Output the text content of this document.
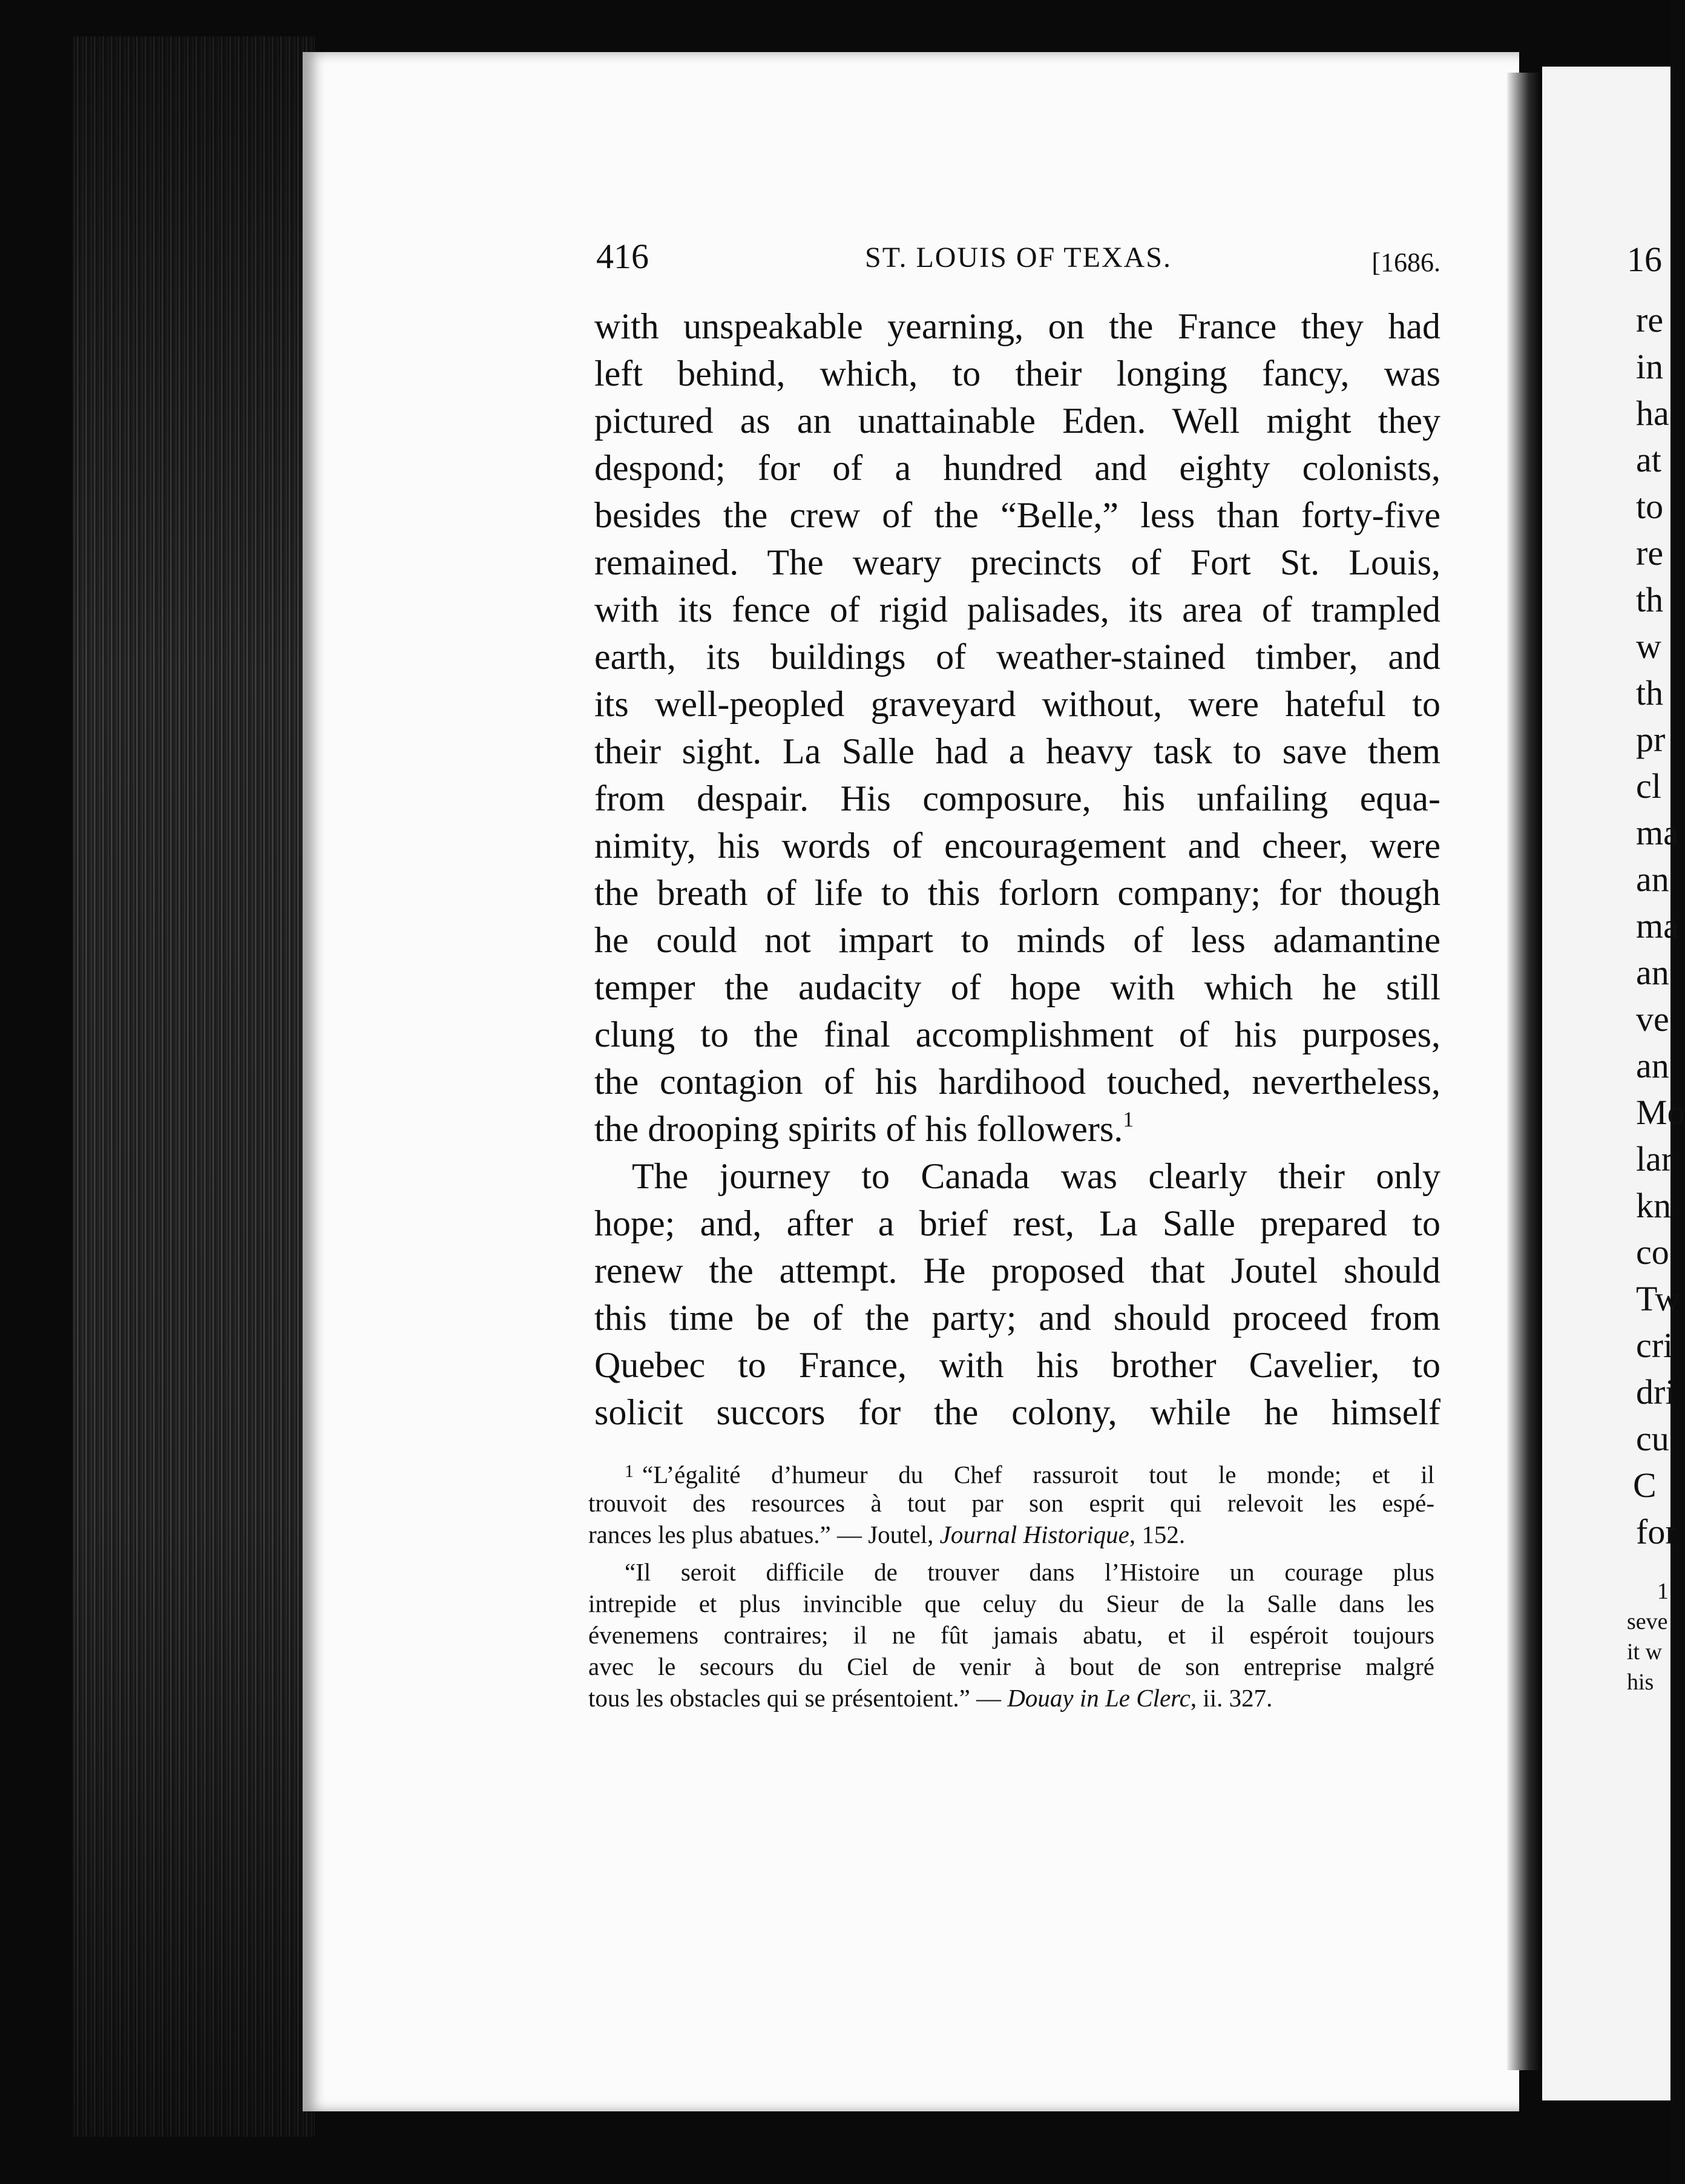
16
re
in
ha
at
to
re
th
w
th
pr
cl
ma
an
ma
an
ve
an
Mo
lar
kn
co
Tw
cri
dri
cu
C
for
1
seve
it w
his
416	ST. LOUIS OF TEXAS.	[1686.
with unspeakable yearning, on the France they had
left behind, which, to their longing fancy, was
pictured as an unattainable Eden. Well might they
despond; for of a hundred and eighty colonists,
besides the crew of the “Belle,” less than forty-five
remained. The weary precincts of Fort St. Louis,
with its fence of rigid palisades, its area of trampled
earth, its buildings of weather-stained timber, and
its well-peopled graveyard without, were hateful to
their sight. La Salle had a heavy task to save them
from despair. His composure, his unfailing equa-
nimity, his words of encouragement and cheer, were
the breath of life to this forlorn company; for though
he could not impart to minds of less adamantine
temper the audacity of hope with which he still
clung to the final accomplishment of his purposes,
the contagion of his hardihood touched, nevertheless,
the drooping spirits of his followers.$^1$
The journey to Canada was clearly their only
hope; and, after a brief rest, La Salle prepared to
renew the attempt. He proposed that Joutel should
this time be of the party; and should proceed from
Quebec to France, with his brother Cavelier, to
solicit succors for the colony, while he himself
$^1$ “L’égalité d’humeur du Chef rassuroit tout le monde; et il
trouvoit des resources à tout par son esprit qui relevoit les espé-
rances les plus abatues.” — Joutel, Journal Historique, 152.
“Il seroit difficile de trouver dans l’Histoire un courage plus
intrepide et plus invincible que celuy du Sieur de la Salle dans les
évenemens contraires; il ne fût jamais abatu, et il espéroit toujours
avec le secours du Ciel de venir à bout de son entreprise malgré
tous les obstacles qui se présentoient.” — Douay in Le Clerc, ii. 327.
